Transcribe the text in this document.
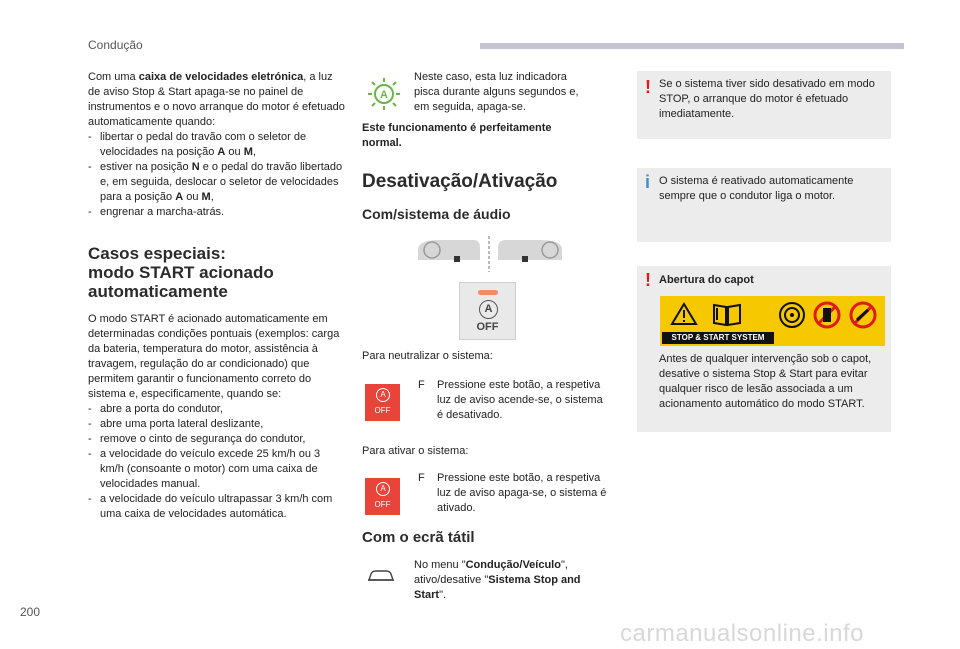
Condução

Com uma caixa de velocidades eletrónica, a luz de aviso Stop & Start apaga-se no painel de instrumentos e o novo arranque do motor é efetuado automaticamente quando:

- libertar o pedal do travão com o seletor de velocidades na posição A ou M,
- estiver na posição N e o pedal do travão libertado e, em seguida, deslocar o seletor de velocidades para a posição A ou M,
- engrenar a marcha-atrás.
Casos especiais:
modo START acionado
automaticamente

O modo START é acionado automaticamente em determinadas condições pontuais (exemplos: carga da bateria, temperatura do motor, assistência à travagem, regulação do ar condicionado) que permitem garantir o funcionamento correto do sistema e, especificamente, quando se:

- abre a porta do condutor,
- abre uma porta lateral deslizante,
- remove o cinto de segurança do condutor,
- a velocidade do veículo excede 25 km/h ou 3 km/h (consoante o motor) com uma caixa de velocidades manual.
- a velocidade do veículo ultrapassar 3 km/h com uma caixa de velocidades automática.
A
Neste caso, esta luz indicadora pisca durante alguns segundos e, em seguida, apaga-se.
Este funcionamento é perfeitamente normal.
Desativação/Ativação
Com/sistema de áudio
A
OFF
Para neutralizar o sistema:
A
OFF
F Pressione este botão, a respetiva luz de aviso acende-se, o sistema é desativado.
Para ativar o sistema:
A
OFF
F Pressione este botão, a respetiva luz de aviso apaga-se, o sistema é ativado.
Com o ecrã tátil
No menu "Condução/Veículo", ativo/desative "Sistema Stop and Start".
! Se o sistema tiver sido desativado em modo STOP, o arranque do motor é efetuado imediatamente.
i O sistema é reativado automaticamente sempre que o condutor liga o motor.
! Abertura do capot
Antes de qualquer intervenção sob o capot, desative o sistema Stop & Start para evitar qualquer risco de lesão associada a um acionamento automático do modo START.
STOP & START SYSTEM
200
carmanualsonline.info
